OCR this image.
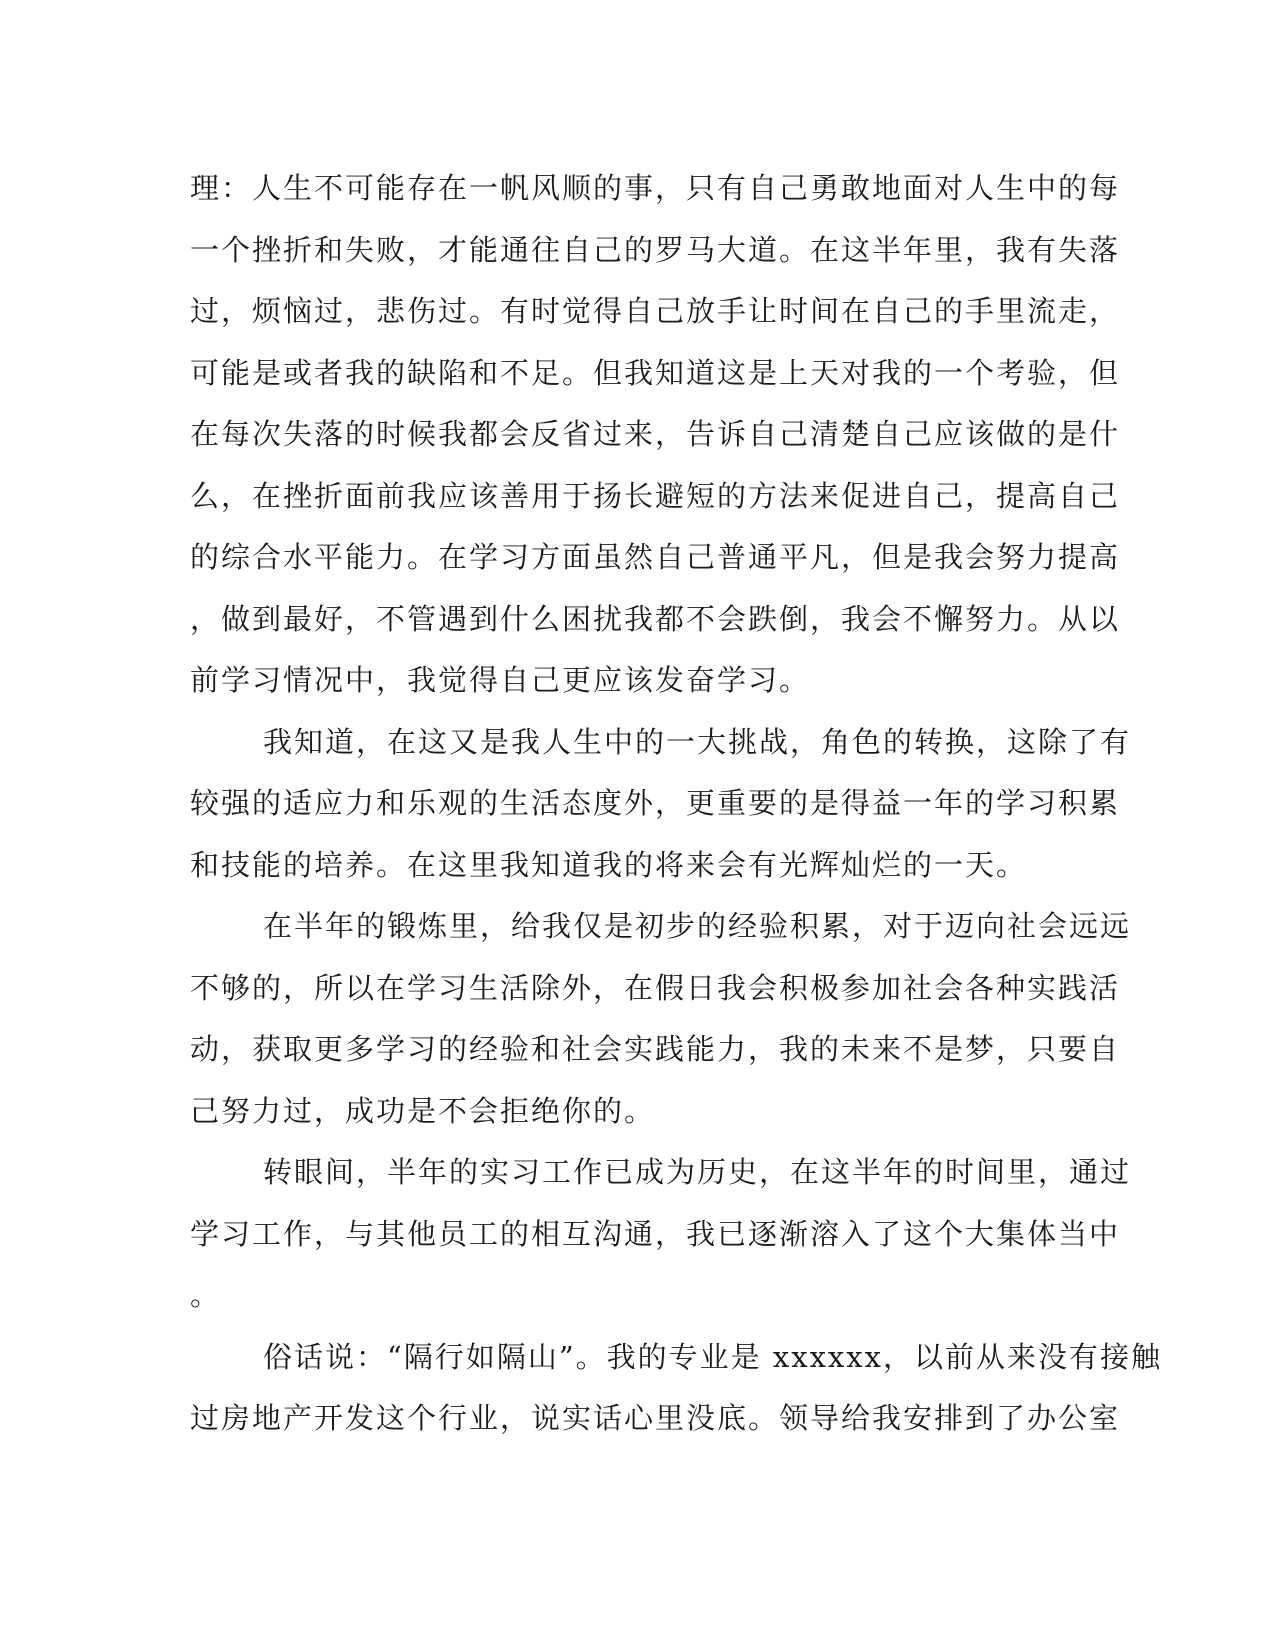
理：人生不可能存在一帆风顺的事，只有自己勇敢地面对人生中的每
一个挫折和失败，才能通往自己的罗马大道。在这半年里，我有失落
过，烦恼过，悲伤过。有时觉得自己放手让时间在自己的手里流走，
可能是或者我的缺陷和不足。但我知道这是上天对我的一个考验，但
在每次失落的时候我都会反省过来，告诉自己清楚自己应该做的是什
么，在挫折面前我应该善用于扬长避短的方法来促进自己，提高自己
的综合水平能力。在学习方面虽然自己普通平凡，但是我会努力提高
，做到最好，不管遇到什么困扰我都不会跌倒，我会不懈努力。从以
前学习情况中，我觉得自己更应该发奋学习。
我知道，在这又是我人生中的一大挑战，角色的转换，这除了有
较强的适应力和乐观的生活态度外，更重要的是得益一年的学习积累
和技能的培养。在这里我知道我的将来会有光辉灿烂的一天。
在半年的锻炼里，给我仅是初步的经验积累，对于迈向社会远远
不够的，所以在学习生活除外，在假日我会积极参加社会各种实践活
动，获取更多学习的经验和社会实践能力，我的未来不是梦，只要自
己努力过，成功是不会拒绝你的。
转眼间，半年的实习工作已成为历史，在这半年的时间里，通过
学习工作，与其他员工的相互沟通，我已逐渐溶入了这个大集体当中
。
俗话说：“隔行如隔山”。我的专业是 xxxxxx，以前从来没有接触
过房地产开发这个行业，说实话心里没底。领导给我安排到了办公室
